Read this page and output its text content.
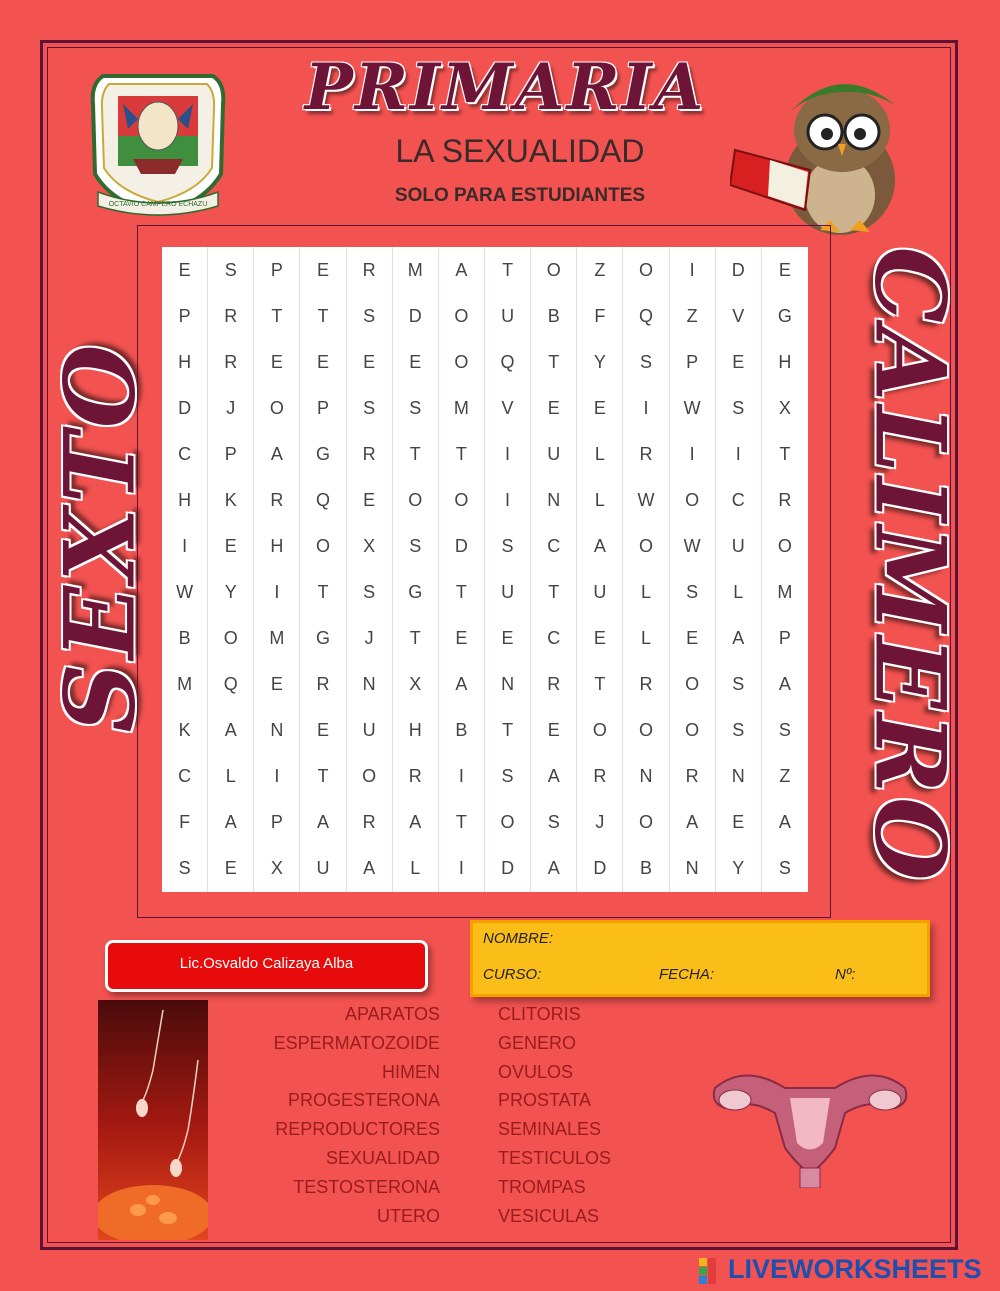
OCTAVIO CAMPERO ECHAZU
PRIMARIA
LA SEXUALIDAD
SOLO PARA ESTUDIANTES
SEXTO	CALIMERO
E	S	P	E	R	M	A	T	O	Z	O	I	D	E
P	R	T	T	S	D	O	U	B	F	Q	Z	V	G
H	R	E	E	E	E	O	Q	T	Y	S	P	E	H
D	J	O	P	S	S	M	V	E	E	I	W	S	X
C	P	A	G	R	T	T	I	U	L	R	I	I	T
H	K	R	Q	E	O	O	I	N	L	W	O	C	R
I	E	H	O	X	S	D	S	C	A	O	W	U	O
W	Y	I	T	S	G	T	U	T	U	L	S	L	M
B	O	M	G	J	T	E	E	C	E	L	E	A	P
M	Q	E	R	N	X	A	N	R	T	R	O	S	A
K	A	N	E	U	H	B	T	E	O	O	O	S	S
C	L	I	T	O	R	I	S	A	R	N	R	N	Z
F	A	P	A	R	A	T	O	S	J	O	A	E	A
S	E	X	U	A	L	I	D	A	D	B	N	Y	S
Lic.Osvaldo Calizaya Alba
NOMBRE:
CURSO:	FECHA:	Nº:
APARATOS
ESPERMATOZOIDE
HIMEN
PROGESTERONA
REPRODUCTORES
SEXUALIDAD
TESTOSTERONA
UTERO
CLITORIS
GENERO
OVULOS
PROSTATA
SEMINALES
TESTICULOS
TROMPAS
VESICULAS
LIVEWORKSHEETS
